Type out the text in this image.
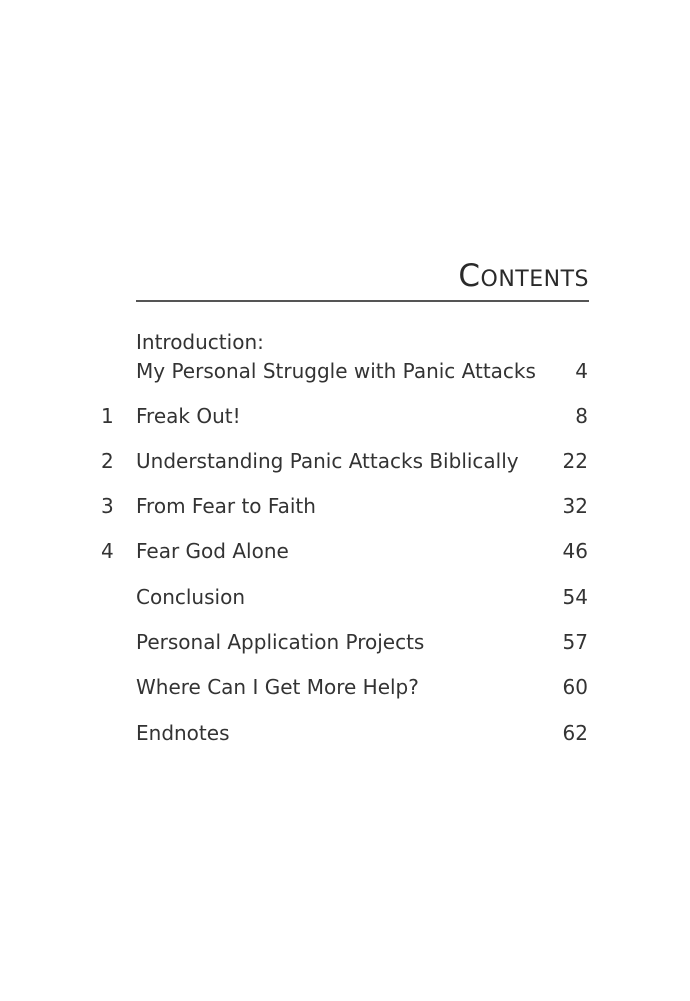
Contents
Introduction:
My Personal Struggle with Panic Attacks 4
1	Freak Out!	8
2	Understanding Panic Attacks Biblically	22
3	From Fear to Faith	32
4	Fear God Alone	46
Conclusion	54
Personal Application Projects	57
Where Can I Get More Help?	60
Endnotes	62
